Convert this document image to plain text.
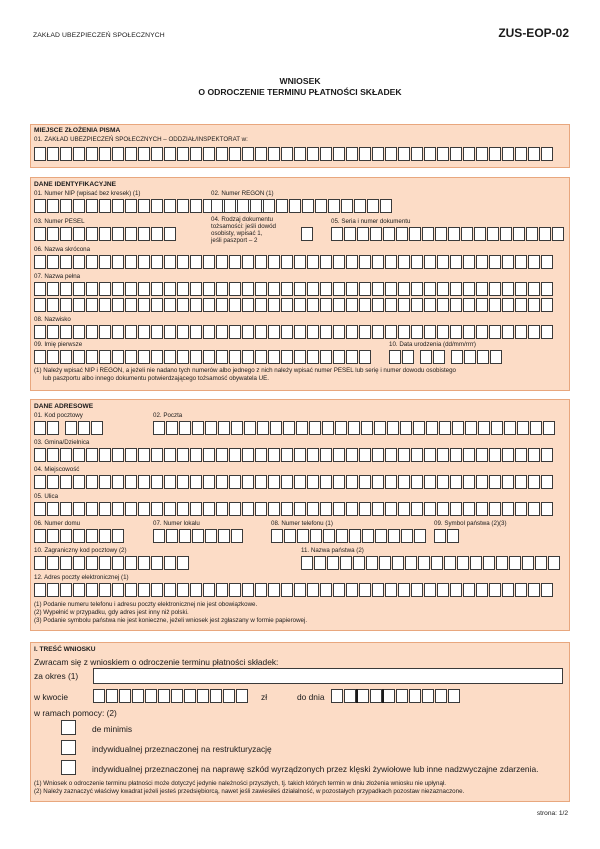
ZAKŁAD UBEZPIECZEŃ SPOŁECZNYCH	ZUS-EOP-02
WNIOSEK
O ODROCZENIE TERMINU PŁATNOŚCI SKŁADEK
MIEJSCE ZŁOŻENIA PISMA
01. ZAKŁAD UBEZPIECZEŃ SPOŁECZNYCH – ODDZIAŁ/INSPEKTORAT w:
DANE IDENTYFIKACYJNE
01. Numer NIP (wpisać bez kresek) (1)	02. Numer REGON (1)
03. Numer PESEL	04. Rodzaj dokumentu
tożsamości: jeśli dowód
osobisty, wpisać 1,
jeśli paszport – 2
05. Seria i numer dokumentu
06. Nazwa skrócona
07. Nazwa pełna
08. Nazwisko
09. Imię pierwsze	10. Data urodzenia (dd/mm/rrrr)
(1) Należy wpisać NIP i REGON, a jeżeli nie nadano tych numerów albo jednego z nich należy wpisać numer PESEL lub serię i numer dowodu osobistego
lub paszportu albo innego dokumentu potwierdzającego tożsamość obywatela UE.
DANE ADRESOWE
01. Kod pocztowy	02. Poczta
03. Gmina/Dzielnica
04. Miejscowość
05. Ulica
06. Numer domu	07. Numer lokalu	08. Numer telefonu (1)	09. Symbol państwa (2)(3)
10. Zagraniczny kod pocztowy (2)	11. Nazwa państwa (2)
12. Adres poczty elektronicznej (1)
(1) Podanie numeru telefonu i adresu poczty elektronicznej nie jest obowiązkowe.
(2) Wypełnić w przypadku, gdy adres jest inny niż polski.
(3) Podanie symbolu państwa nie jest konieczne, jeżeli wniosek jest zgłaszany w formie papierowej.
I. TREŚĆ WNIOSKU
Zwracam się z wnioskiem o odroczenie terminu płatności składek:
za okres (1)
w kwocie	zł	do dnia
w ramach pomocy: (2)
de minimis
indywidualnej przeznaczonej na restrukturyzację
indywidualnej przeznaczonej na naprawę szkód wyrządzonych przez klęski żywiołowe lub inne nadzwyczajne zdarzenia.
(1) Wniosek o odroczenie terminu płatności może dotyczyć jedynie należności przyszłych, tj. takich których termin w dniu złożenia wniosku nie upłynął.
(2) Należy zaznaczyć właściwy kwadrat jeżeli jesteś przedsiębiorcą, nawet jeśli zawiesiłeś działalność, w pozostałych przypadkach pozostaw niezaznaczone.
strona: 1/2
